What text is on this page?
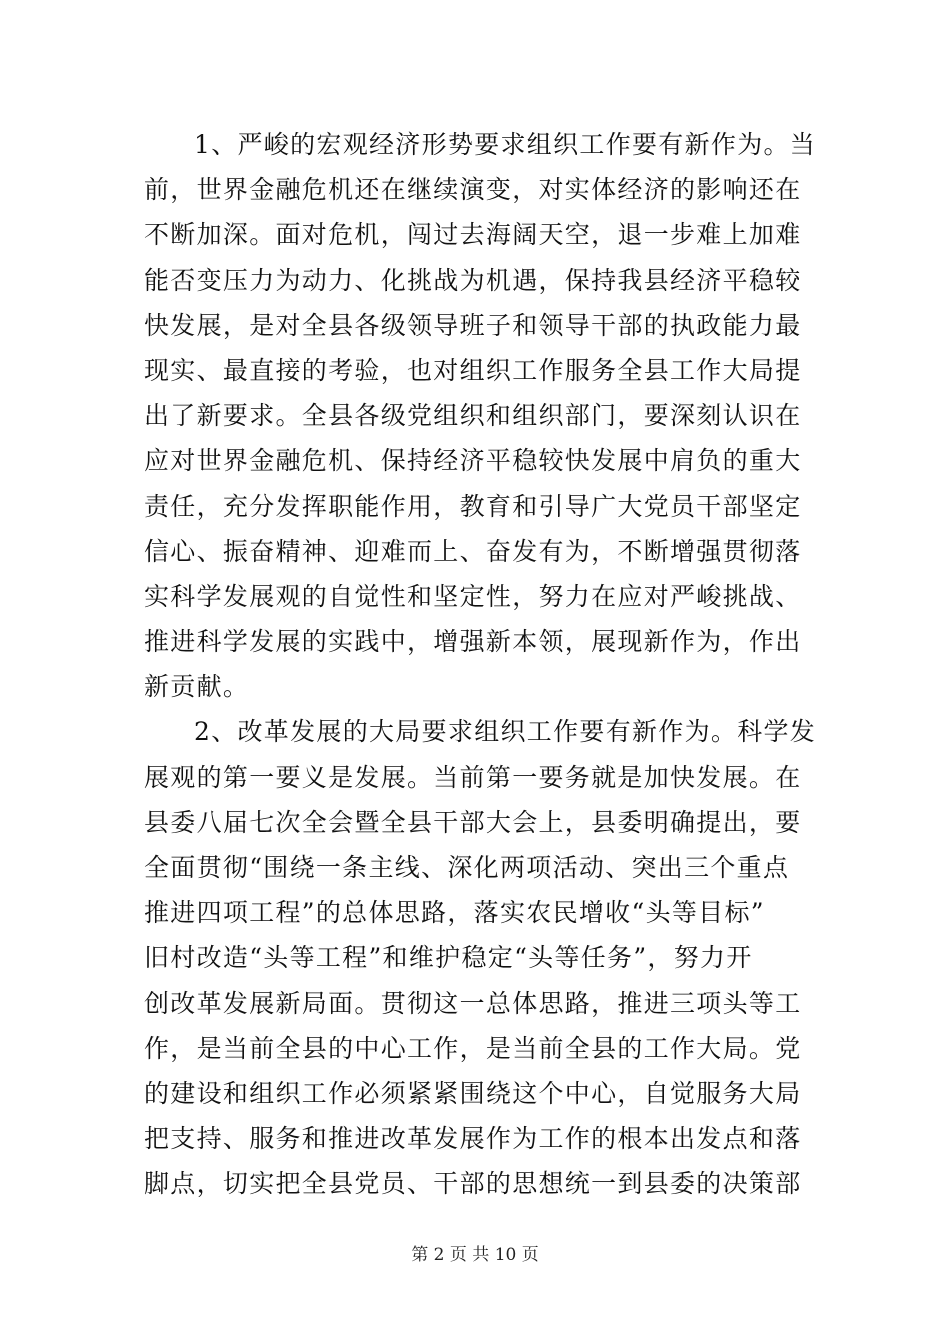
1、严峻的宏观经济形势要求组织工作要有新作为。当
前，世界金融危机还在继续演变，对实体经济的影响还在
不断加深。面对危机，闯过去海阔天空，退一步难上加难
能否变压力为动力、化挑战为机遇，保持我县经济平稳较
快发展，是对全县各级领导班子和领导干部的执政能力最
现实、最直接的考验，也对组织工作服务全县工作大局提
出了新要求。全县各级党组织和组织部门，要深刻认识在
应对世界金融危机、保持经济平稳较快发展中肩负的重大
责任，充分发挥职能作用，教育和引导广大党员干部坚定
信心、振奋精神、迎难而上、奋发有为，不断增强贯彻落
实科学发展观的自觉性和坚定性，努力在应对严峻挑战、
推进科学发展的实践中，增强新本领，展现新作为，作出
新贡献。
2、改革发展的大局要求组织工作要有新作为。科学发
展观的第一要义是发展。当前第一要务就是加快发展。在
县委八届七次全会暨全县干部大会上，县委明确提出，要
全面贯彻“围绕一条主线、深化两项活动、突出三个重点
推进四项工程”的总体思路，落实农民增收“头等目标”
旧村改造“头等工程”和维护稳定“头等任务”，努力开
创改革发展新局面。贯彻这一总体思路，推进三项头等工
作，是当前全县的中心工作，是当前全县的工作大局。党
的建设和组织工作必须紧紧围绕这个中心，自觉服务大局
把支持、服务和推进改革发展作为工作的根本出发点和落
脚点，切实把全县党员、干部的思想统一到县委的决策部
第 2 页 共 10 页
